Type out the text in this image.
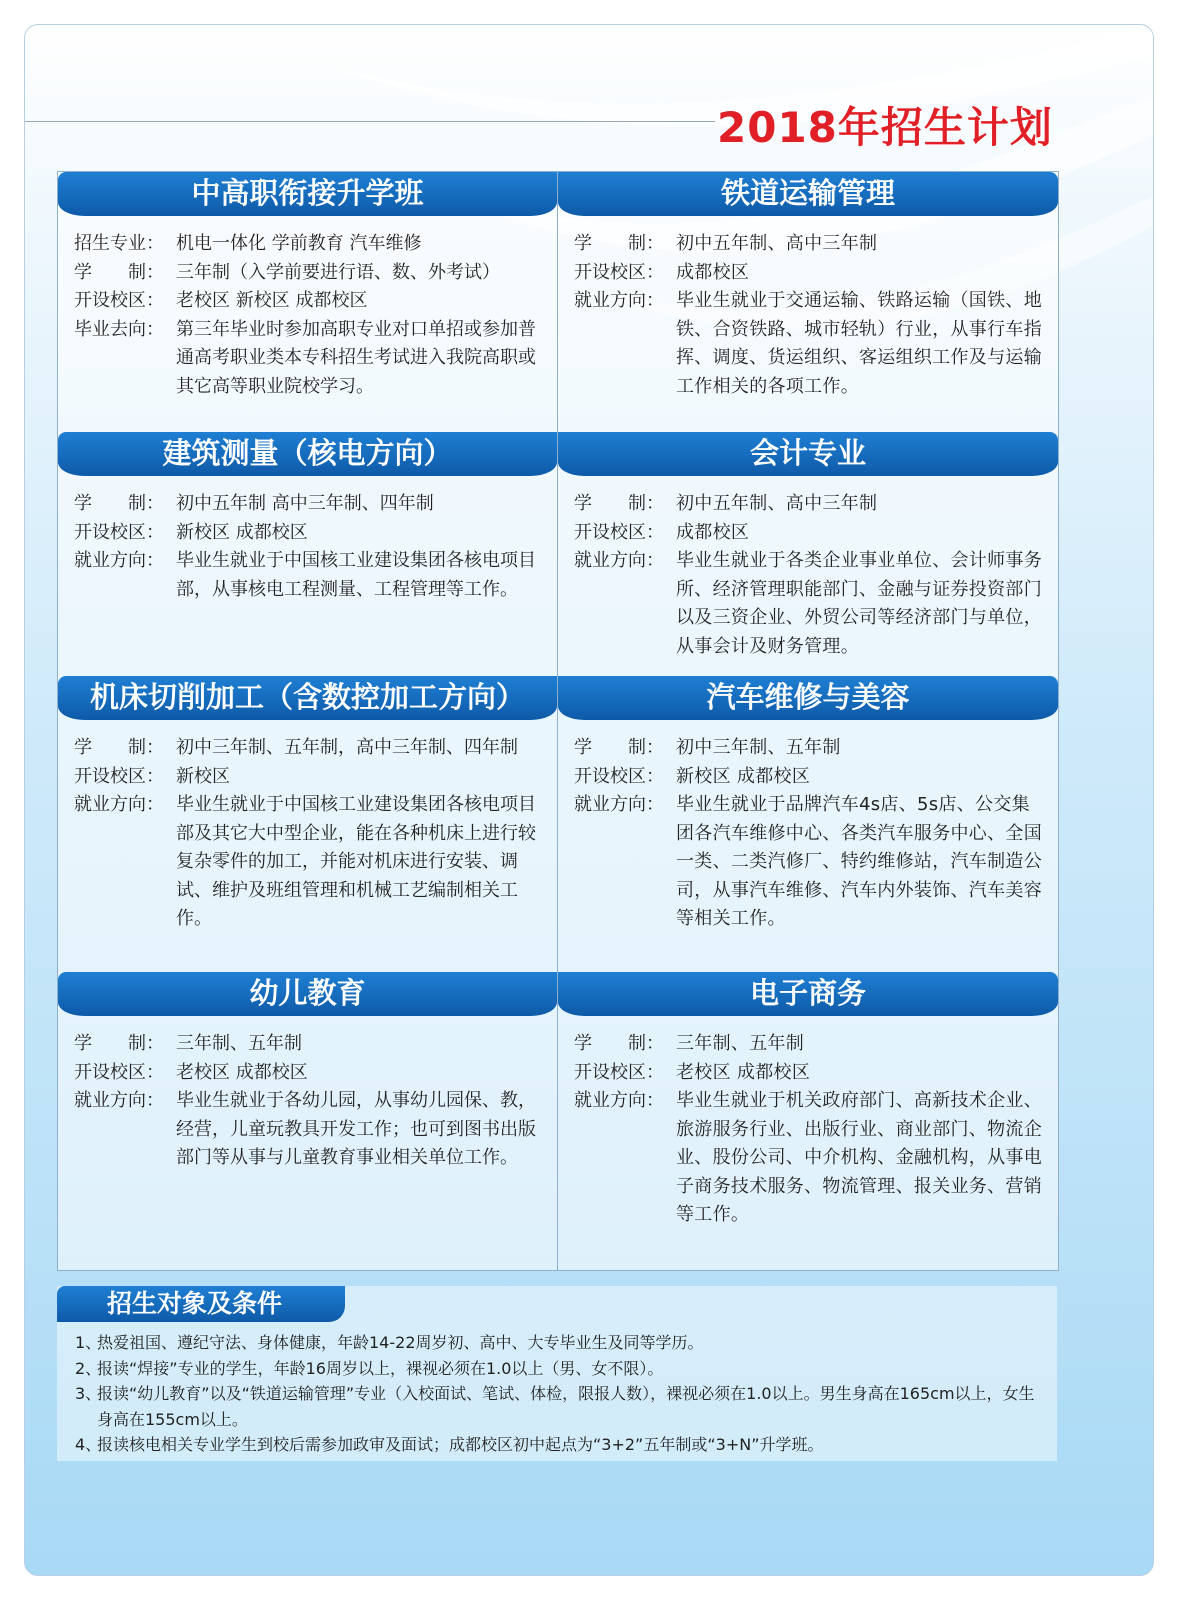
2018年招生计划
中高职衔接升学班
招生专业： 机电一体化 学前教育 汽车维修
学　　制： 三年制（入学前要进行语、数、外考试）
开设校区： 老校区 新校区 成都校区
毕业去向： 第三年毕业时参加高职专业对口单招或参加普通高考职业类本专科招生考试进入我院高职或其它高等职业院校学习。
铁道运输管理
学　　制： 初中五年制、高中三年制
开设校区： 成都校区
就业方向： 毕业生就业于交通运输、铁路运输（国铁、地铁、合资铁路、城市轻轨）行业，从事行车指挥、调度、货运组织、客运组织工作及与运输工作相关的各项工作。
建筑测量（核电方向）
学　　制： 初中五年制 高中三年制、四年制
开设校区： 新校区 成都校区
就业方向： 毕业生就业于中国核工业建设集团各核电项目部，从事核电工程测量、工程管理等工作。
会计专业
学　　制： 初中五年制、高中三年制
开设校区： 成都校区
就业方向： 毕业生就业于各类企业事业单位、会计师事务所、经济管理职能部门、金融与证券投资部门以及三资企业、外贸公司等经济部门与单位，从事会计及财务管理。
机床切削加工（含数控加工方向）
学　　制： 初中三年制、五年制，高中三年制、四年制
开设校区： 新校区
就业方向： 毕业生就业于中国核工业建设集团各核电项目部及其它大中型企业，能在各种机床上进行较复杂零件的加工，并能对机床进行安装、调试、维护及班组管理和机械工艺编制相关工作。
汽车维修与美容
学　　制： 初中三年制、五年制
开设校区： 新校区 成都校区
就业方向： 毕业生就业于品牌汽车4s店、5s店、公交集团各汽车维修中心、各类汽车服务中心、全国一类、二类汽修厂、特约维修站，汽车制造公司，从事汽车维修、汽车内外装饰、汽车美容等相关工作。
幼儿教育
学　　制： 三年制、五年制
开设校区： 老校区 成都校区
就业方向： 毕业生就业于各幼儿园，从事幼儿园保、教，经营，儿童玩教具开发工作；也可到图书出版部门等从事与儿童教育事业相关单位工作。
电子商务
学　　制： 三年制、五年制
开设校区： 老校区 成都校区
就业方向： 毕业生就业于机关政府部门、高新技术企业、旅游服务行业、出版行业、商业部门、物流企业、股份公司、中介机构、金融机构，从事电子商务技术服务、物流管理、报关业务、营销等工作。
招生对象及条件
1、热爱祖国、遵纪守法、身体健康，年龄14-22周岁初、高中、大专毕业生及同等学历。
2、报读“焊接”专业的学生，年龄16周岁以上，裸视必须在1.0以上（男、女不限）。
3、
报读“幼儿教育”以及“铁道运输管理”专业（入校面试、笔试、体检，限报人数），裸视必须在1.0以上。男生身高在165cm以上，女生身高在155cm以上。
4、报读核电相关专业学生到校后需参加政审及面试；成都校区初中起点为“3+2”五年制或“3+N”升学班。
